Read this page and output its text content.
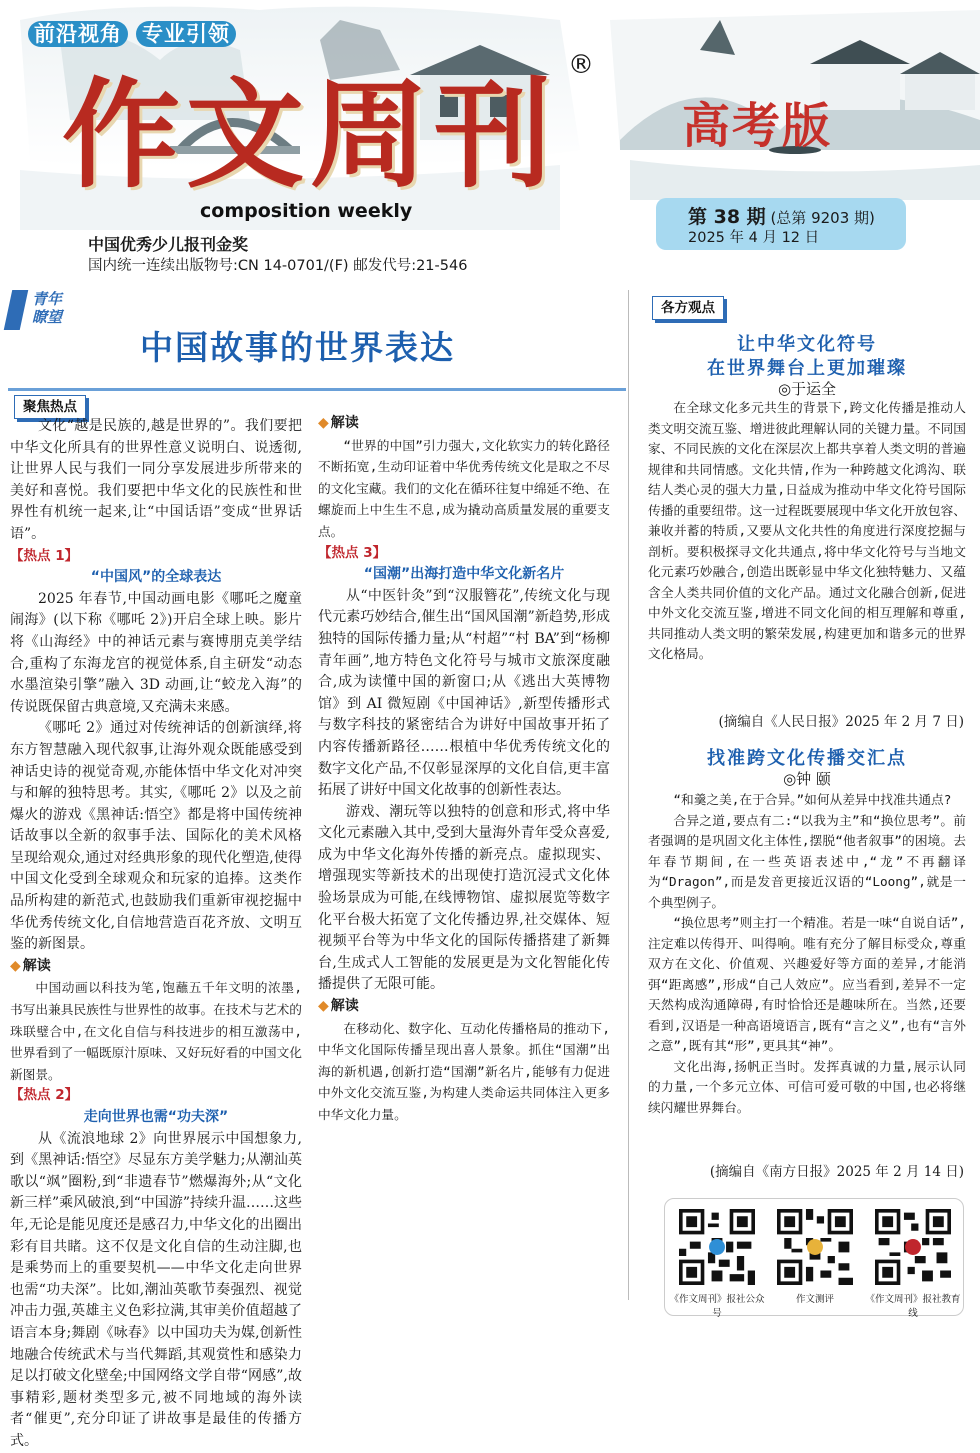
前沿视角 专业引领
作文周刊 ®
composition weekly
中国优秀少儿报刊金奖
国内统一连续出版物号:CN 14-0701/(F) 邮发代号:21-546
高考版
第 38 期 (总第 9203 期)
2025 年 4 月 12 日
青年
瞭望
中国故事的世界表达
聚焦热点

文化“越是民族的,越是世界的”。我们要把中华文化所具有的世界性意义说明白、说透彻,让世界人民与我们一同分享发展进步所带来的美好和喜悦。我们要把中华文化的民族性和世界性有机统一起来,让“中国话语”变成“世界话语”。

【热点 1】
“中国风”的全球表达

2025 年春节,中国动画电影《哪吒之魔童闹海》(以下称《哪吒 2》)开启全球上映。影片将《山海经》中的神话元素与赛博朋克美学结合,重构了东海龙宫的视觉体系,自主研发“动态水墨渲染引擎”融入 3D 动画,让“蛟龙入海”的传说既保留古典意境,又充满未来感。

《哪吒 2》通过对传统神话的创新演绎,将东方智慧融入现代叙事,让海外观众既能感受到神话史诗的视觉奇观,亦能体悟中华文化对冲突与和解的独特思考。其实,《哪吒 2》以及之前爆火的游戏《黑神话:悟空》都是将中国传统神话故事以全新的叙事手法、国际化的美术风格呈现给观众,通过对经典形象的现代化塑造,使得中国文化受到全球观众和玩家的追捧。这类作品所构建的新范式,也鼓励我们重新审视挖掘中华优秀传统文化,自信地营造百花齐放、文明互鉴的新图景。

◆ 解读

中国动画以科技为笔,饱蘸五千年文明的浓墨,书写出兼具民族性与世界性的故事。在技术与艺术的珠联璧合中,在文化自信与科技进步的相互激荡中,世界看到了一幅既原汁原味、又好玩好看的中国文化新图景。

【热点 2】
走向世界也需“功夫深”

从《流浪地球 2》向世界展示中国想象力,到《黑神话:悟空》尽显东方美学魅力;从潮汕英歌以“飒”圈粉,到“非遗春节”燃爆海外;从“文化新三样”乘风破浪,到“中国游”持续升温……这些年,无论是能见度还是感召力,中华文化的出圈出彩有目共睹。这不仅是文化自信的生动注脚,也是乘势而上的重要契机——中华文化走向世界也需“功夫深”。比如,潮汕英歌节奏强烈、视觉冲击力强,英雄主义色彩拉满,其审美价值超越了语言本身;舞剧《咏春》以中国功夫为媒,创新性地融合传统武术与当代舞蹈,其观赏性和感染力足以打破文化壁垒;中国网络文学自带“网感”,故事精彩,题材类型多元,被不同地域的海外读者“催更”,充分印证了讲故事是最佳的传播方式。

◆ 解读

“世界的中国”引力强大,文化软实力的转化路径不断拓宽,生动印证着中华优秀传统文化是取之不尽的文化宝藏。我们的文化在循环往复中绵延不绝、在螺旋而上中生生不息,成为撬动高质量发展的重要支点。

【热点 3】
“国潮”出海打造中华文化新名片

从“中医针灸”到“汉服簪花”,传统文化与现代元素巧妙结合,催生出“国风国潮”新趋势,形成独特的国际传播力量;从“村超”“村 BA”到“杨柳青年画”,地方特色文化符号与城市文旅深度融合,成为读懂中国的新窗口;从《逃出大英博物馆》到 AI 微短剧《中国神话》,新型传播形式与数字科技的紧密结合为讲好中国故事开拓了内容传播新路径……根植中华优秀传统文化的数字文化产品,不仅彰显深厚的文化自信,更丰富拓展了讲好中国文化故事的创新性表达。

游戏、潮玩等以独特的创意和形式,将中华文化元素融入其中,受到大量海外青年受众喜爱,成为中华文化海外传播的新亮点。虚拟现实、增强现实等新技术的出现使打造沉浸式文化体验场景成为可能,在线博物馆、虚拟展览等数字化平台极大拓宽了文化传播边界,社交媒体、短视频平台等为中华文化的国际传播搭建了新舞台,生成式人工智能的发展更是为文化智能化传播提供了无限可能。

◆ 解读

在移动化、数字化、互动化传播格局的推动下,中华文化国际传播呈现出喜人景象。抓住“国潮”出海的新机遇,创新打造“国潮”新名片,能够有力促进中外文化交流互鉴,为构建人类命运共同体注入更多中华文化力量。

各方观点
让中华文化符号
在世界舞台上更加璀璨
◎于运全

在全球文化多元共生的背景下,跨文化传播是推动人类文明交流互鉴、增进彼此理解认同的关键力量。不同国家、不同民族的文化在深层次上都共享着人类文明的普遍规律和共同情感。文化共情,作为一种跨越文化鸿沟、联结人类心灵的强大力量,日益成为推动中华文化符号国际传播的重要纽带。这一过程既要展现中华文化开放包容、兼收并蓄的特质,又要从文化共性的角度进行深度挖掘与剖析。要积极探寻文化共通点,将中华文化符号与当地文化元素巧妙融合,创造出既彰显中华文化独特魅力、又蕴含全人类共同价值的文化产品。通过文化融合创新,促进中外文化交流互鉴,增进不同文化间的相互理解和尊重,共同推动人类文明的繁荣发展,构建更加和谐多元的世界文化格局。

(摘编自《人民日报》2025 年 2 月 7 日)
找准跨文化传播交汇点
◎钟 颐

“和羹之美,在于合异。”如何从差异中找准共通点?

合异之道,要点有二:“以我为主”和“换位思考”。前者强调的是巩固文化主体性,摆脱“他者叙事”的困境。去年春节期间,在一些英语表述中,“龙”不再翻译为“Dragon”,而是发音更接近汉语的“Loong”,就是一个典型例子。

“换位思考”则主打一个精准。若是一味“自说自话”,注定难以传得开、叫得响。唯有充分了解目标受众,尊重双方在文化、价值观、兴趣爱好等方面的差异,才能消弭“距离感”,形成“自己人效应”。应当看到,差异不一定天然构成沟通障碍,有时恰恰还是趣味所在。当然,还要看到,汉语是一种高语境语言,既有“言之义”,也有“言外之意”,既有其“形”,更具其“神”。

文化出海,扬帆正当时。发挥真诚的力量,展示认同的力量,一个多元立体、可信可爱可敬的中国,也必将继续闪耀世界舞台。

(摘编自《南方日报》2025 年 2 月 14 日)
《作文周刊》报社公众号
作文测评	《作文周刊》报社教育线
